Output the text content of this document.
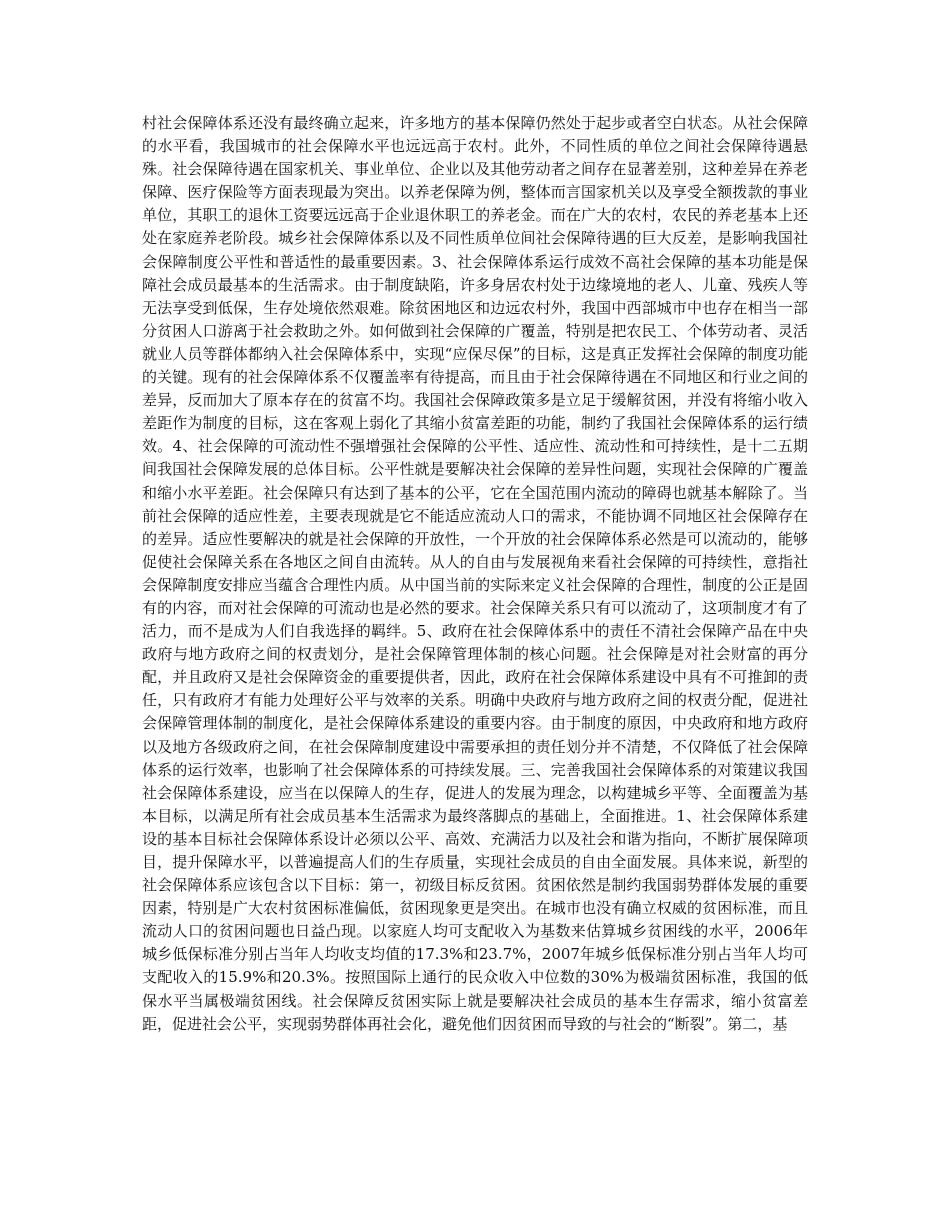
村社会保障体系还没有最终确立起来，许多地方的基本保障仍然处于起步或者空白状态。从社会保障的水平看，我国城市的社会保障水平也远远高于农村。此外，不同性质的单位之间社会保障待遇悬殊。社会保障待遇在国家机关、事业单位、企业以及其他劳动者之间存在显著差别，这种差异在养老保障、医疗保险等方面表现最为突出。以养老保障为例，整体而言国家机关以及享受全额拨款的事业单位，其职工的退休工资要远远高于企业退休职工的养老金。而在广大的农村，农民的养老基本上还处在家庭养老阶段。城乡社会保障体系以及不同性质单位间社会保障待遇的巨大反差，是影响我国社会保障制度公平性和普适性的最重要因素。3、社会保障体系运行成效不高社会保障的基本功能是保障社会成员最基本的生活需求。由于制度缺陷，许多身居农村处于边缘境地的老人、儿童、残疾人等无法享受到低保，生存处境依然艰难。除贫困地区和边远农村外，我国中西部城市中也存在相当一部分贫困人口游离于社会救助之外。如何做到社会保障的广覆盖，特别是把农民工、个体劳动者、灵活就业人员等群体都纳入社会保障体系中，实现“应保尽保”的目标，这是真正发挥社会保障的制度功能的关键。现有的社会保障体系不仅覆盖率有待提高，而且由于社会保障待遇在不同地区和行业之间的差异，反而加大了原本存在的贫富不均。我国社会保障政策多是立足于缓解贫困，并没有将缩小收入差距作为制度的目标，这在客观上弱化了其缩小贫富差距的功能，制约了我国社会保障体系的运行绩效。4、社会保障的可流动性不强增强社会保障的公平性、适应性、流动性和可持续性，是十二五期间我国社会保障发展的总体目标。公平性就是要解决社会保障的差异性问题，实现社会保障的广覆盖和缩小水平差距。社会保障只有达到了基本的公平，它在全国范围内流动的障碍也就基本解除了。当前社会保障的适应性差，主要表现就是它不能适应流动人口的需求，不能协调不同地区社会保障存在的差异。适应性要解决的就是社会保障的开放性，一个开放的社会保障体系必然是可以流动的，能够促使社会保障关系在各地区之间自由流转。从人的自由与发展视角来看社会保障的可持续性，意指社会保障制度安排应当蕴含合理性内质。从中国当前的实际来定义社会保障的合理性，制度的公正是固有的内容，而对社会保障的可流动也是必然的要求。社会保障关系只有可以流动了，这项制度才有了活力，而不是成为人们自我选择的羁绊。5、政府在社会保障体系中的责任不清社会保障产品在中央政府与地方政府之间的权责划分，是社会保障管理体制的核心问题。社会保障是对社会财富的再分配，并且政府又是社会保障资金的重要提供者，因此，政府在社会保障体系建设中具有不可推卸的责任，只有政府才有能力处理好公平与效率的关系。明确中央政府与地方政府之间的权责分配，促进社会保障管理体制的制度化，是社会保障体系建设的重要内容。由于制度的原因，中央政府和地方政府以及地方各级政府之间，在社会保障制度建设中需要承担的责任划分并不清楚，不仅降低了社会保障体系的运行效率，也影响了社会保障体系的可持续发展。三、完善我国社会保障体系的对策建议我国社会保障体系建设，应当在以保障人的生存，促进人的发展为理念，以构建城乡平等、全面覆盖为基本目标，以满足所有社会成员基本生活需求为最终落脚点的基础上，全面推进。1、社会保障体系建设的基本目标社会保障体系设计必须以公平、高效、充满活力以及社会和谐为指向，不断扩展保障项目，提升保障水平，以普遍提高人们的生存质量，实现社会成员的自由全面发展。具体来说，新型的社会保障体系应该包含以下目标：第一，初级目标反贫困。贫困依然是制约我国弱势群体发展的重要因素，特别是广大农村贫困标准偏低，贫困现象更是突出。在城市也没有确立权威的贫困标准，而且流动人口的贫困问题也日益凸现。以家庭人均可支配收入为基数来估算城乡贫困线的水平，2006年城乡低保标准分别占当年人均收支均值的17.3%和23.7%，2007年城乡低保标准分别占当年人均可支配收入的15.9%和20.3%。按照国际上通行的民众收入中位数的30%为极端贫困标准，我国的低保水平当属极端贫困线。社会保障反贫困实际上就是要解决社会成员的基本生存需求，缩小贫富差距，促进社会公平，实现弱势群体再社会化，避免他们因贫困而导致的与社会的“断裂”。第二，基
